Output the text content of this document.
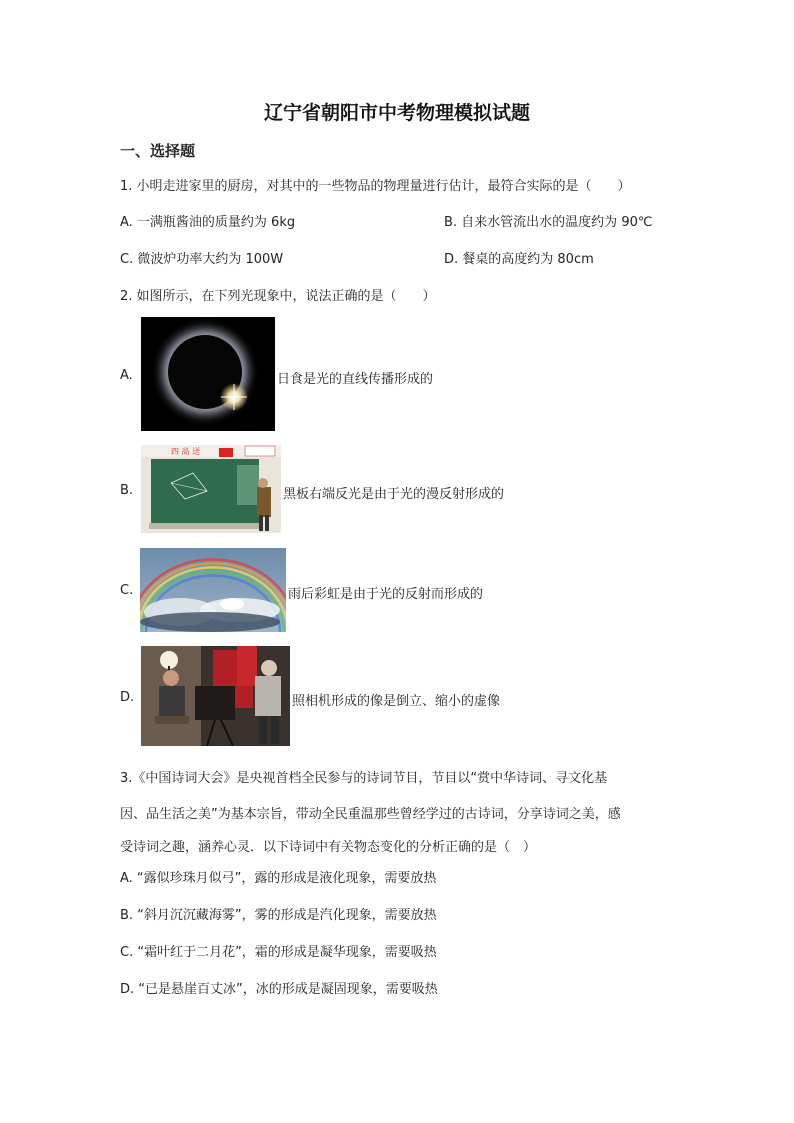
辽宁省朝阳市中考物理模拟试题
一、选择题
1. 小明走进家里的厨房，对其中的一些物品的物理量进行估计，最符合实际的是（　　）
A. 一满瓶酱油的质量约为 6kg	B. 自来水管流出水的温度约为 90℃
C. 微波炉功率大约为 100W	D. 餐桌的高度约为 80cm
2. 如图所示，在下列光现象中，说法正确的是（　　）
A.	日食是光的直线传播形成的
B.
四 高 送
黑板右端反光是由于光的漫反射形成的
C.	雨后彩虹是由于光的反射而形成的
D.	照相机形成的像是倒立、缩小的虚像
3.《中国诗词大会》是央视首档全民参与的诗词节目，节目以“赏中华诗词、寻文化基
因、品生活之美”为基本宗旨，带动全民重温那些曾经学过的古诗词，分享诗词之美，感
受诗词之趣，涵养心灵．以下诗词中有关物态变化的分析正确的是（　）
A. “露似珍珠月似弓”，露的形成是液化现象，需要放热
B. “斜月沉沉藏海雾”，雾的形成是汽化现象，需要放热
C. “霜叶红于二月花”，霜的形成是凝华现象，需要吸热
D. “已是悬崖百丈冰”，冰的形成是凝固现象，需要吸热
